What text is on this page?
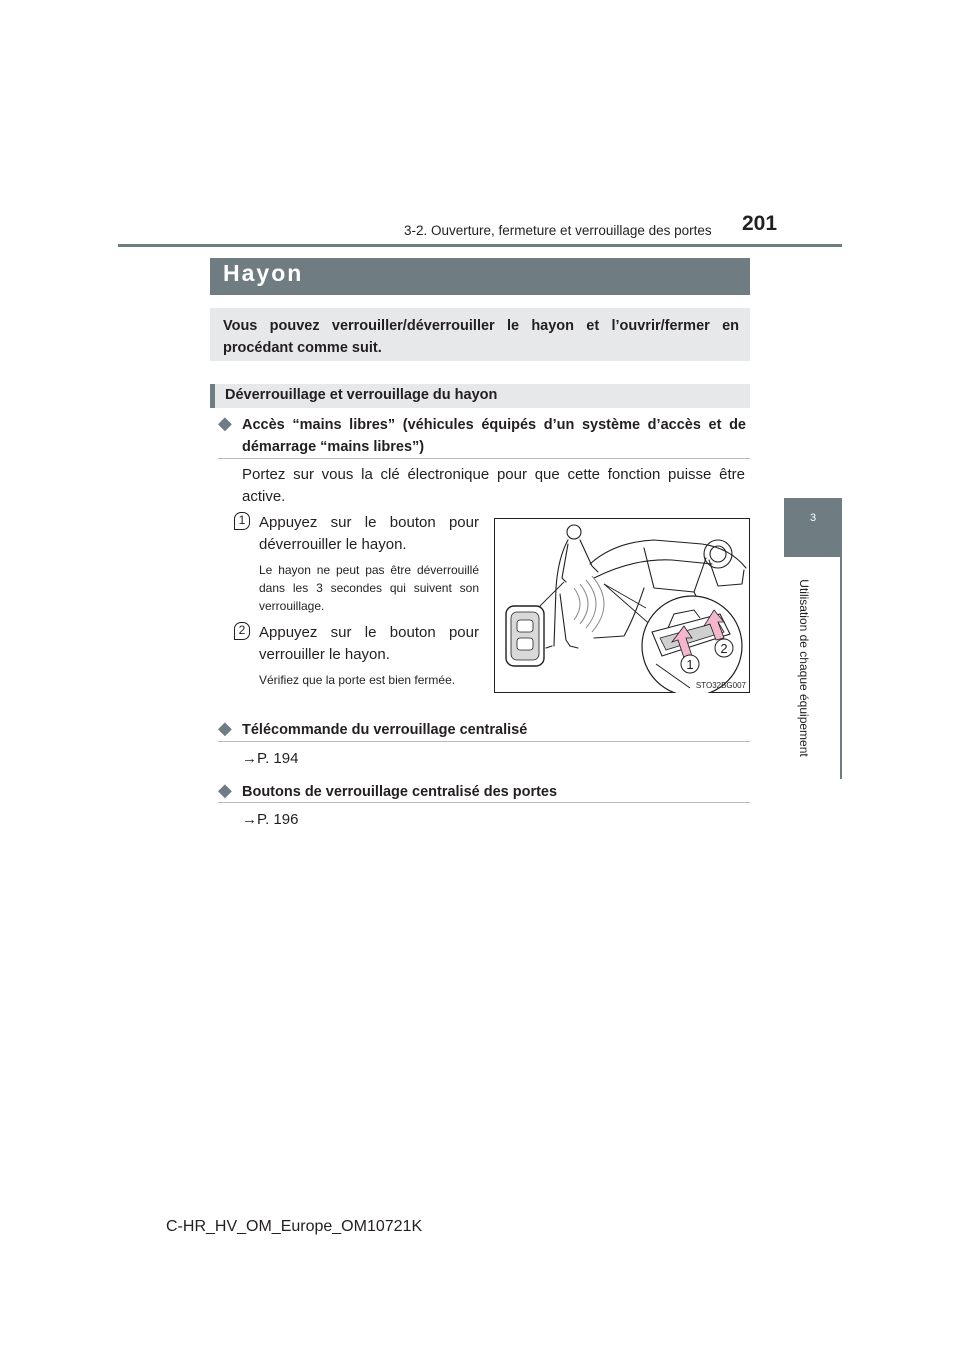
3-2. Ouverture, fermeture et verrouillage des portes 201
3
Utilisation de chaque équipement
Hayon

Vous pouvez verrouiller/déverrouiller le hayon et l’ouvrir/fermer en procédant comme suit.

Déverrouillage et verrouillage du hayon
◆ Accès “mains libres” (véhicules équipés d’un système d’accès et de démarrage “mains libres”)

Portez sur vous la clé électronique pour que cette fonction puisse être active.

1 Appuyez sur le bouton pour déverrouiller le hayon.

Le hayon ne peut pas être déverrouillé dans les 3 secondes qui suivent son verrouillage.

2 Appuyez sur le bouton pour verrouiller le hayon.

Vérifiez que la porte est bien fermée.

1
2
STO32BG007
◆ Télécommande du verrouillage centralisé
→P. 194
◆ Boutons de verrouillage centralisé des portes
→P. 196
C-HR_HV_OM_Europe_OM10721K
